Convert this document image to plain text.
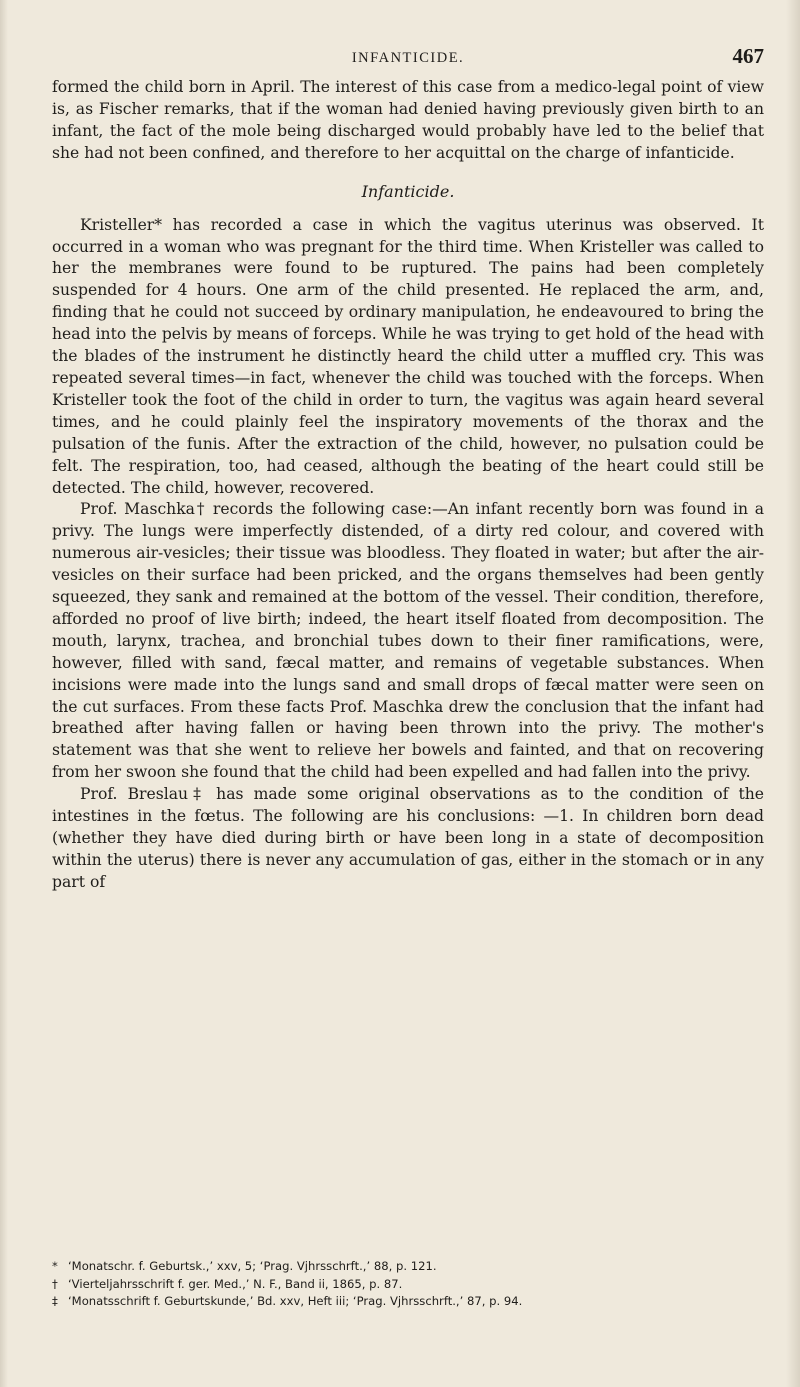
INFANTICIDE.	467

formed the child born in April. The interest of this case from a medico-legal point of view is, as Fischer remarks, that if the woman had denied having previously given birth to an infant, the fact of the mole being discharged would probably have led to the belief that she had not been confined, and therefore to her acquittal on the charge of infanticide.

Infanticide.

Kristeller* has recorded a case in which the vagitus uterinus was observed. It occurred in a woman who was pregnant for the third time. When Kristeller was called to her the membranes were found to be ruptured. The pains had been completely suspended for 4 hours. One arm of the child presented. He replaced the arm, and, finding that he could not succeed by ordinary manipulation, he endeavoured to bring the head into the pelvis by means of forceps. While he was trying to get hold of the head with the blades of the instrument he distinctly heard the child utter a muffled cry. This was repeated several times—in fact, whenever the child was touched with the forceps. When Kristeller took the foot of the child in order to turn, the vagitus was again heard several times, and he could plainly feel the inspiratory movements of the thorax and the pulsation of the funis. After the extraction of the child, however, no pulsation could be felt. The respiration, too, had ceased, although the beating of the heart could still be detected. The child, however, recovered.

Prof. Maschka† records the following case:—An infant recently born was found in a privy. The lungs were imperfectly distended, of a dirty red colour, and covered with numerous air-vesicles; their tissue was bloodless. They floated in water; but after the air-vesicles on their surface had been pricked, and the organs themselves had been gently squeezed, they sank and remained at the bottom of the vessel. Their condition, therefore, afforded no proof of live birth; indeed, the heart itself floated from decomposition. The mouth, larynx, trachea, and bronchial tubes down to their finer ramifications, were, however, filled with sand, fæcal matter, and remains of vegetable substances. When incisions were made into the lungs sand and small drops of fæcal matter were seen on the cut surfaces. From these facts Prof. Maschka drew the conclusion that the infant had breathed after having fallen or having been thrown into the privy. The mother's statement was that she went to relieve her bowels and fainted, and that on recovering from her swoon she found that the child had been expelled and had fallen into the privy.

Prof. Breslau‡ has made some original observations as to the condition of the intestines in the fœtus. The following are his conclusions: —1. In children born dead (whether they have died during birth or have been long in a state of decomposition within the uterus) there is never any accumulation of gas, either in the stomach or in any part of

* ‘Monatschr. f. Geburtsk.,’ xxv, 5; ‘Prag. Vjhrsschrft.,’ 88, p. 121.
† ‘Vierteljahrsschrift f. ger. Med.,’ N. F., Band ii, 1865, p. 87.
‡ ‘Monatsschrift f. Geburtskunde,’ Bd. xxv, Heft iii; ‘Prag. Vjhrsschrft.,’ 87, p. 94.
